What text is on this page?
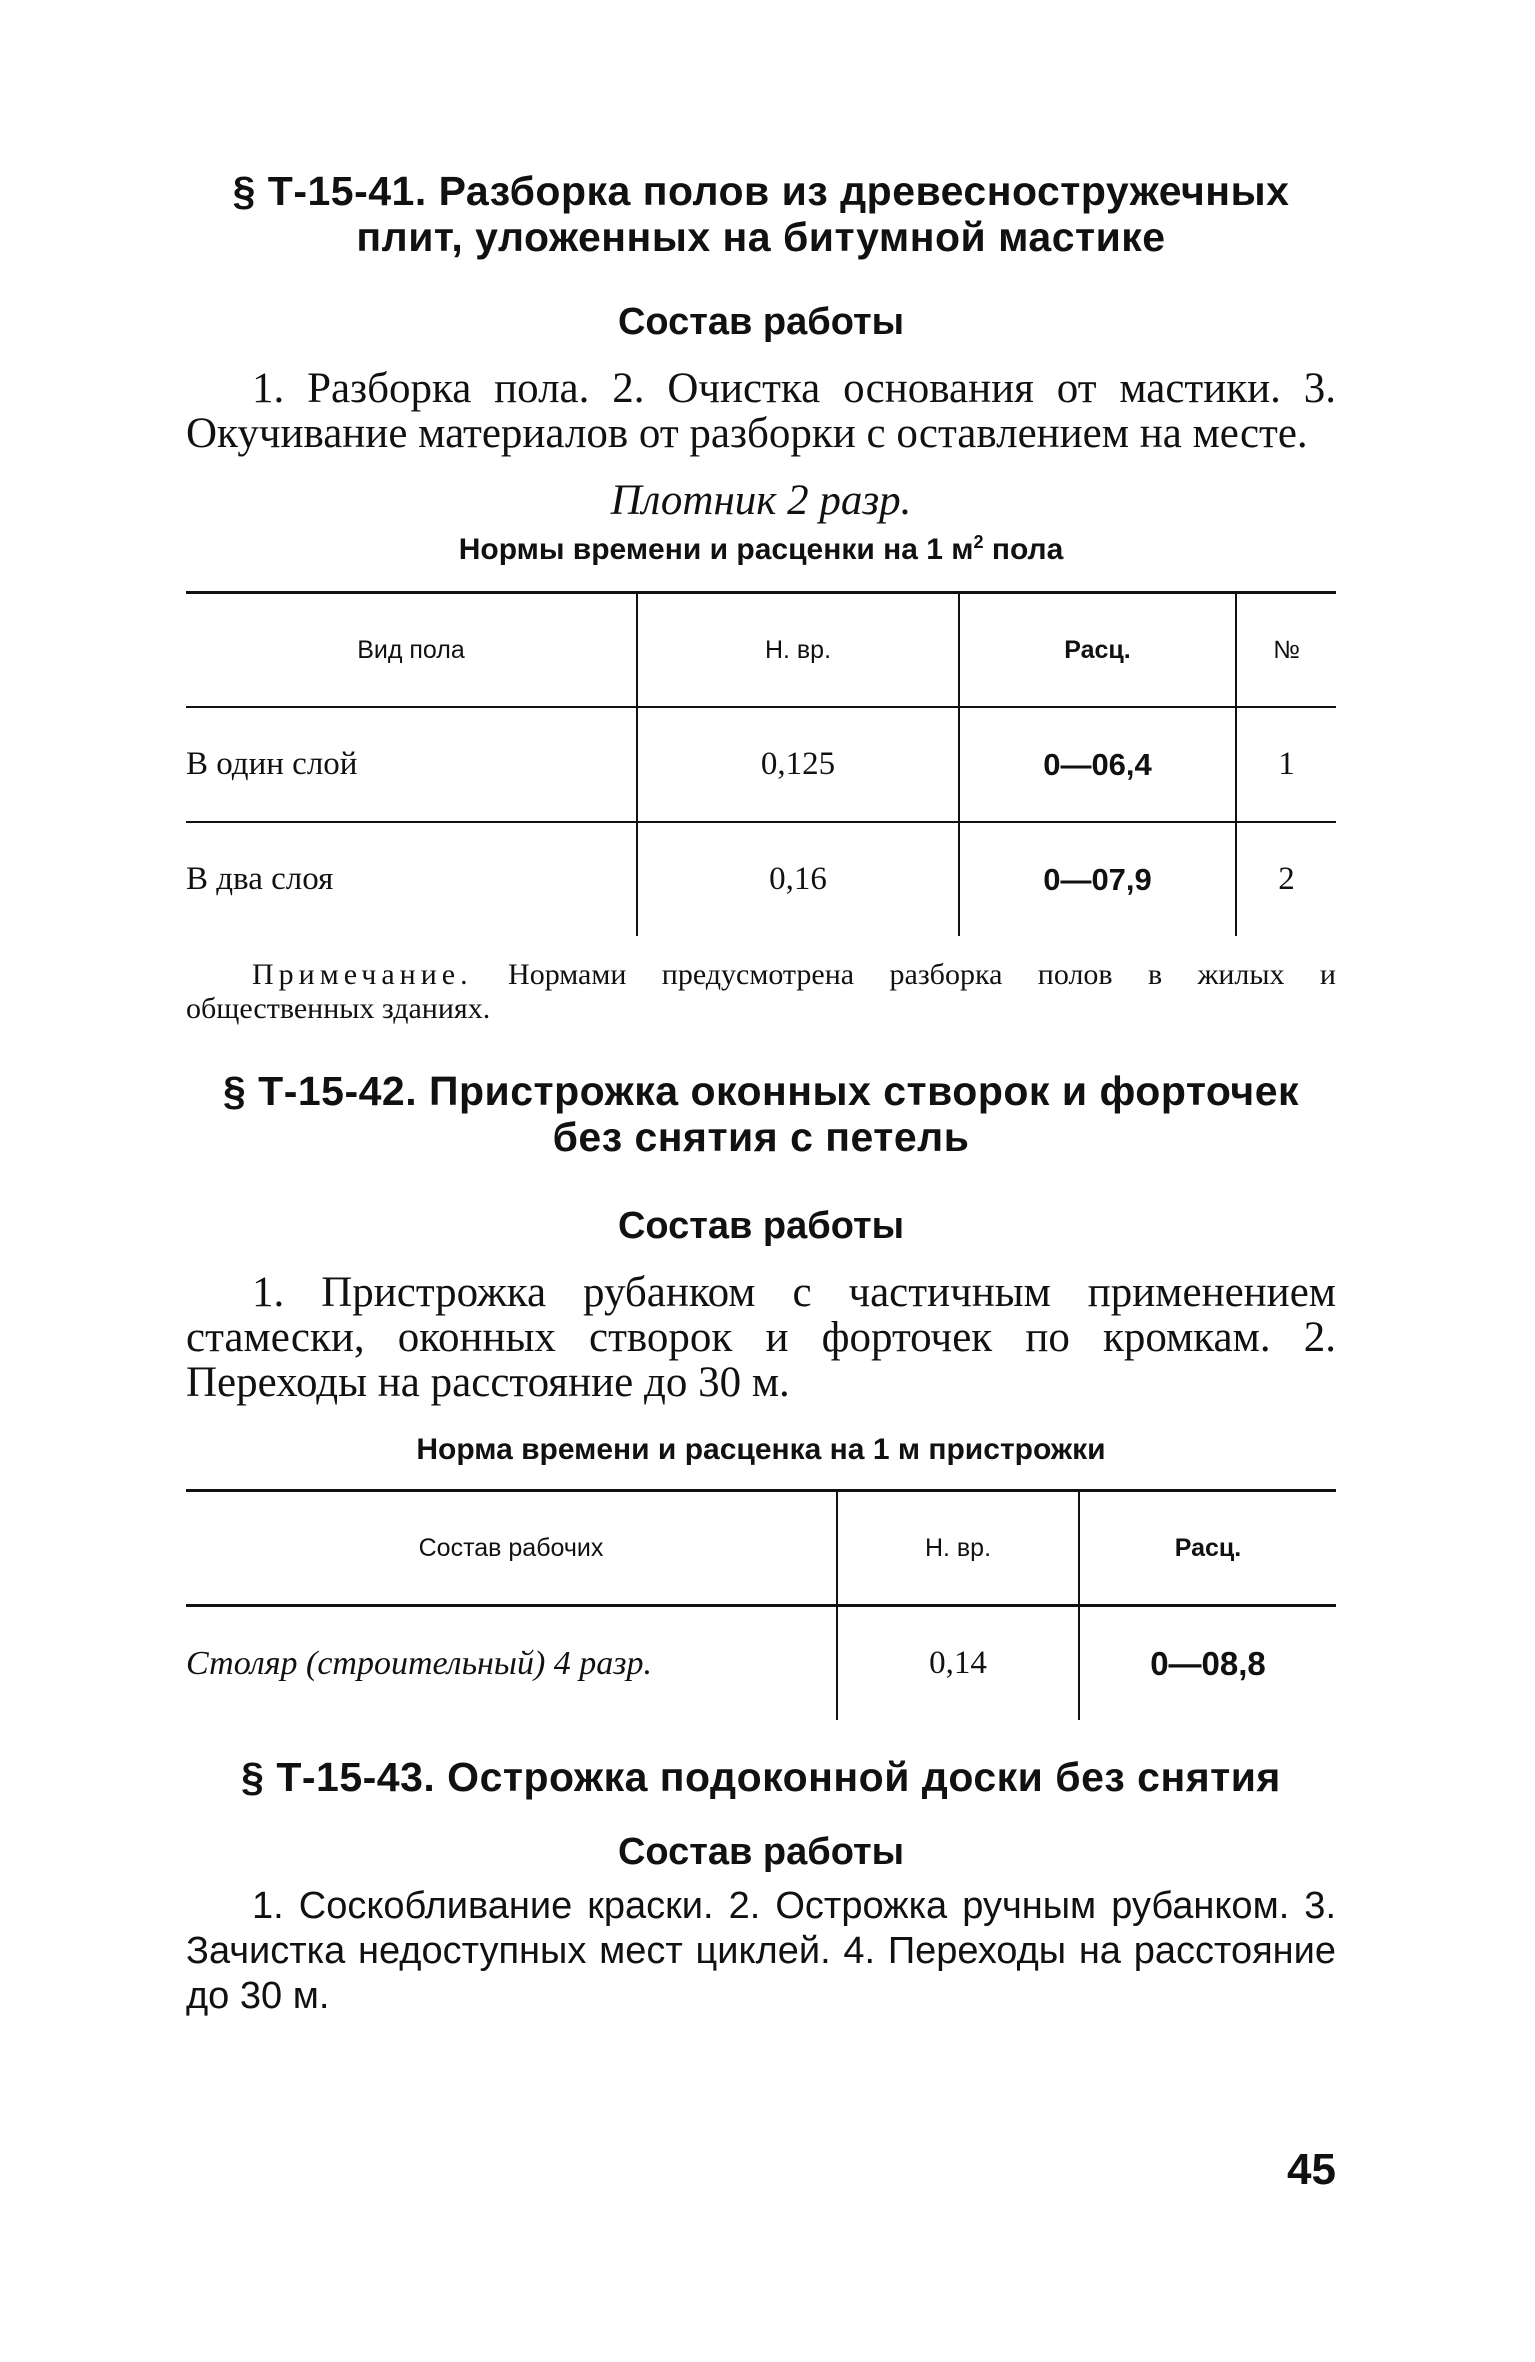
§ Т-15-41. Разборка полов из древесностружечных плит, уложенных на битумной мастике

Состав работы

1. Разборка пола. 2. Очистка основания от мастики. 3. Окучивание материалов от разборки с оставлением на месте.

Плотник 2 разр.

Нормы времени и расценки на 1 $м^2$ пола

Вид пола	Н. вр.	Расц.	№
В один слой	0,125	0—06,4	1
В два слоя	0,16	0—07,9	2

Примечание. Нормами предусмотрена разборка полов в жилых и общественных зданиях.

§ Т-15-42. Пристрожка оконных створок и форточек без снятия с петель

Состав работы

1. Пристрожка рубанком с частичным применением стамески, оконных створок и форточек по кромкам. 2. Переходы на расстояние до 30 м.

Норма времени и расценка на 1 м пристрожки

Состав рабочих	Н. вр.	Расц.
Столяр (строительный) 4 разр.	0,14	0—08,8

§ Т-15-43. Острожка подоконной доски без снятия

Состав работы

1. Соскобливание краски. 2. Острожка ручным рубанком. 3. Зачистка недоступных мест циклей. 4. Переходы на расстояние до 30 м.

45
